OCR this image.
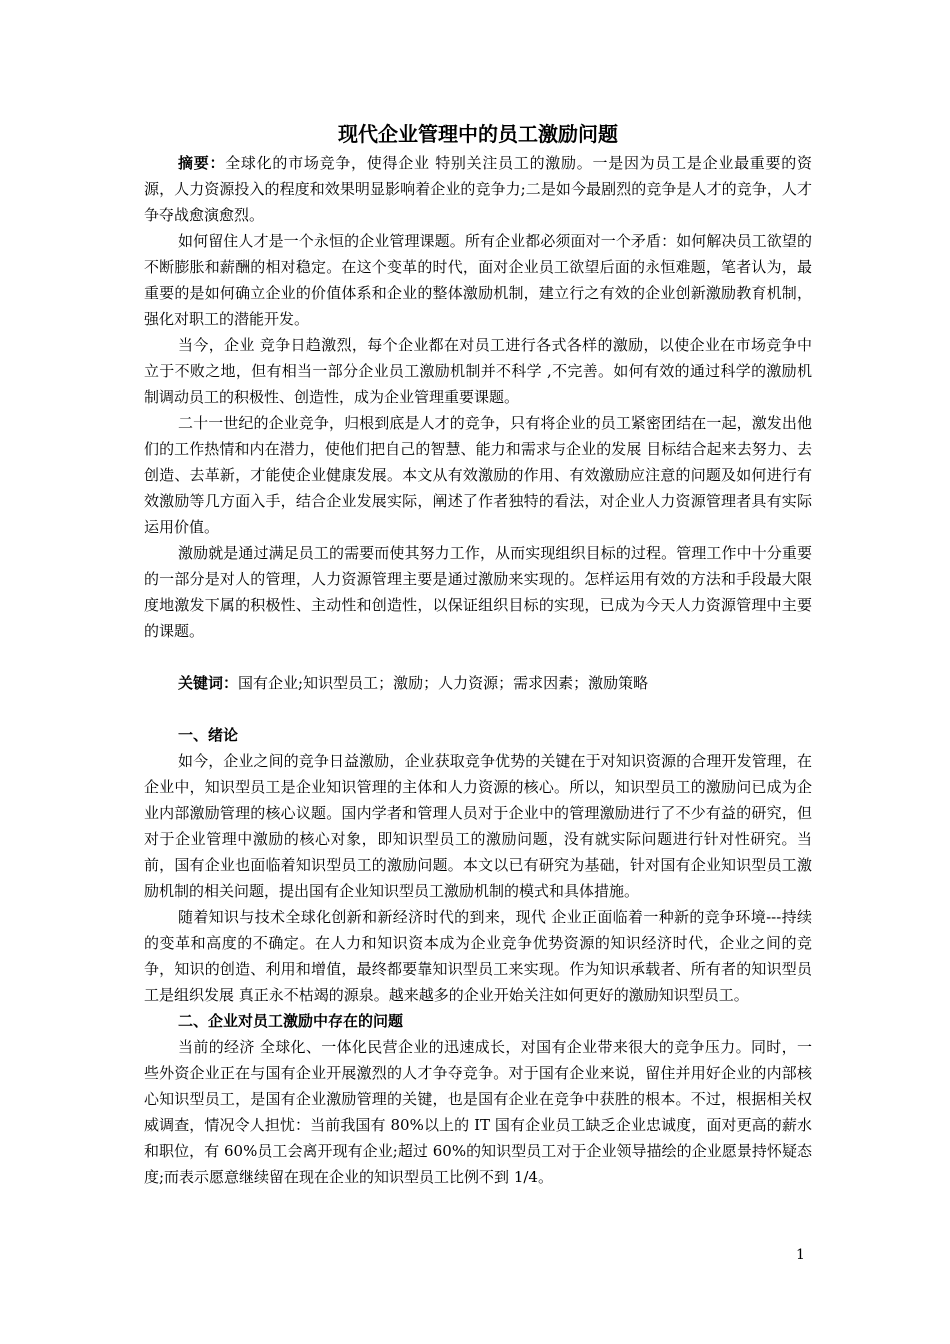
现代企业管理中的员工激励问题

摘要：全球化的市场竞争，使得企业 特别关注员工的激励。一是因为员工是企业最重要的资源，人力资源投入的程度和效果明显影响着企业的竞争力;二是如今最剧烈的竞争是人才的竞争，人才争夺战愈演愈烈。

如何留住人才是一个永恒的企业管理课题。所有企业都必须面对一个矛盾：如何解决员工欲望的不断膨胀和薪酬的相对稳定。在这个变革的时代，面对企业员工欲望后面的永恒难题，笔者认为，最重要的是如何确立企业的价值体系和企业的整体激励机制，建立行之有效的企业创新激励教育机制，强化对职工的潜能开发。

当今，企业 竞争日趋激烈，每个企业都在对员工进行各式各样的激励，以使企业在市场竞争中立于不败之地，但有相当一部分企业员工激励机制并不科学 ,不完善。如何有效的通过科学的激励机制调动员工的积极性、创造性，成为企业管理重要课题。

二十一世纪的企业竞争，归根到底是人才的竞争，只有将企业的员工紧密团结在一起，激发出他们的工作热情和内在潜力，使他们把自己的智慧、能力和需求与企业的发展 目标结合起来去努力、去创造、去革新，才能使企业健康发展。本文从有效激励的作用、有效激励应注意的问题及如何进行有效激励等几方面入手，结合企业发展实际，阐述了作者独特的看法，对企业人力资源管理者具有实际运用价值。

激励就是通过满足员工的需要而使其努力工作，从而实现组织目标的过程。管理工作中十分重要的一部分是对人的管理，人力资源管理主要是通过激励来实现的。怎样运用有效的方法和手段最大限度地激发下属的积极性、主动性和创造性，以保证组织目标的实现，已成为今天人力资源管理中主要的课题。

关键词：国有企业;知识型员工；激励；人力资源；需求因素；激励策略

一、绪论

如今，企业之间的竞争日益激励，企业获取竞争优势的关键在于对知识资源的合理开发管理，在企业中，知识型员工是企业知识管理的主体和人力资源的核心。所以，知识型员工的激励问已成为企业内部激励管理的核心议题。国内学者和管理人员对于企业中的管理激励进行了不少有益的研究，但对于企业管理中激励的核心对象，即知识型员工的激励问题，没有就实际问题进行针对性研究。当前，国有企业也面临着知识型员工的激励问题。本文以已有研究为基础，针对国有企业知识型员工激励机制的相关问题，提出国有企业知识型员工激励机制的模式和具体措施。

随着知识与技术全球化创新和新经济时代的到来，现代 企业正面临着一种新的竞争环境---持续的变革和高度的不确定。在人力和知识资本成为企业竞争优势资源的知识经济时代，企业之间的竞争，知识的创造、利用和增值，最终都要靠知识型员工来实现。作为知识承载者、所有者的知识型员工是组织发展 真正永不枯竭的源泉。越来越多的企业开始关注如何更好的激励知识型员工。

二、企业对员工激励中存在的问题

当前的经济 全球化、一体化民营企业的迅速成长，对国有企业带来很大的竞争压力。同时，一些外资企业正在与国有企业开展激烈的人才争夺竞争。对于国有企业来说，留住并用好企业的内部核心知识型员工，是国有企业激励管理的关键，也是国有企业在竞争中获胜的根本。不过，根据相关权威调查，情况令人担忧：当前我国有 80%以上的 IT 国有企业员工缺乏企业忠诚度，面对更高的薪水和职位，有 60%员工会离开现有企业;超过 60%的知识型员工对于企业领导描绘的企业愿景持怀疑态度;而表示愿意继续留在现在企业的知识型员工比例不到 1/4。

1
